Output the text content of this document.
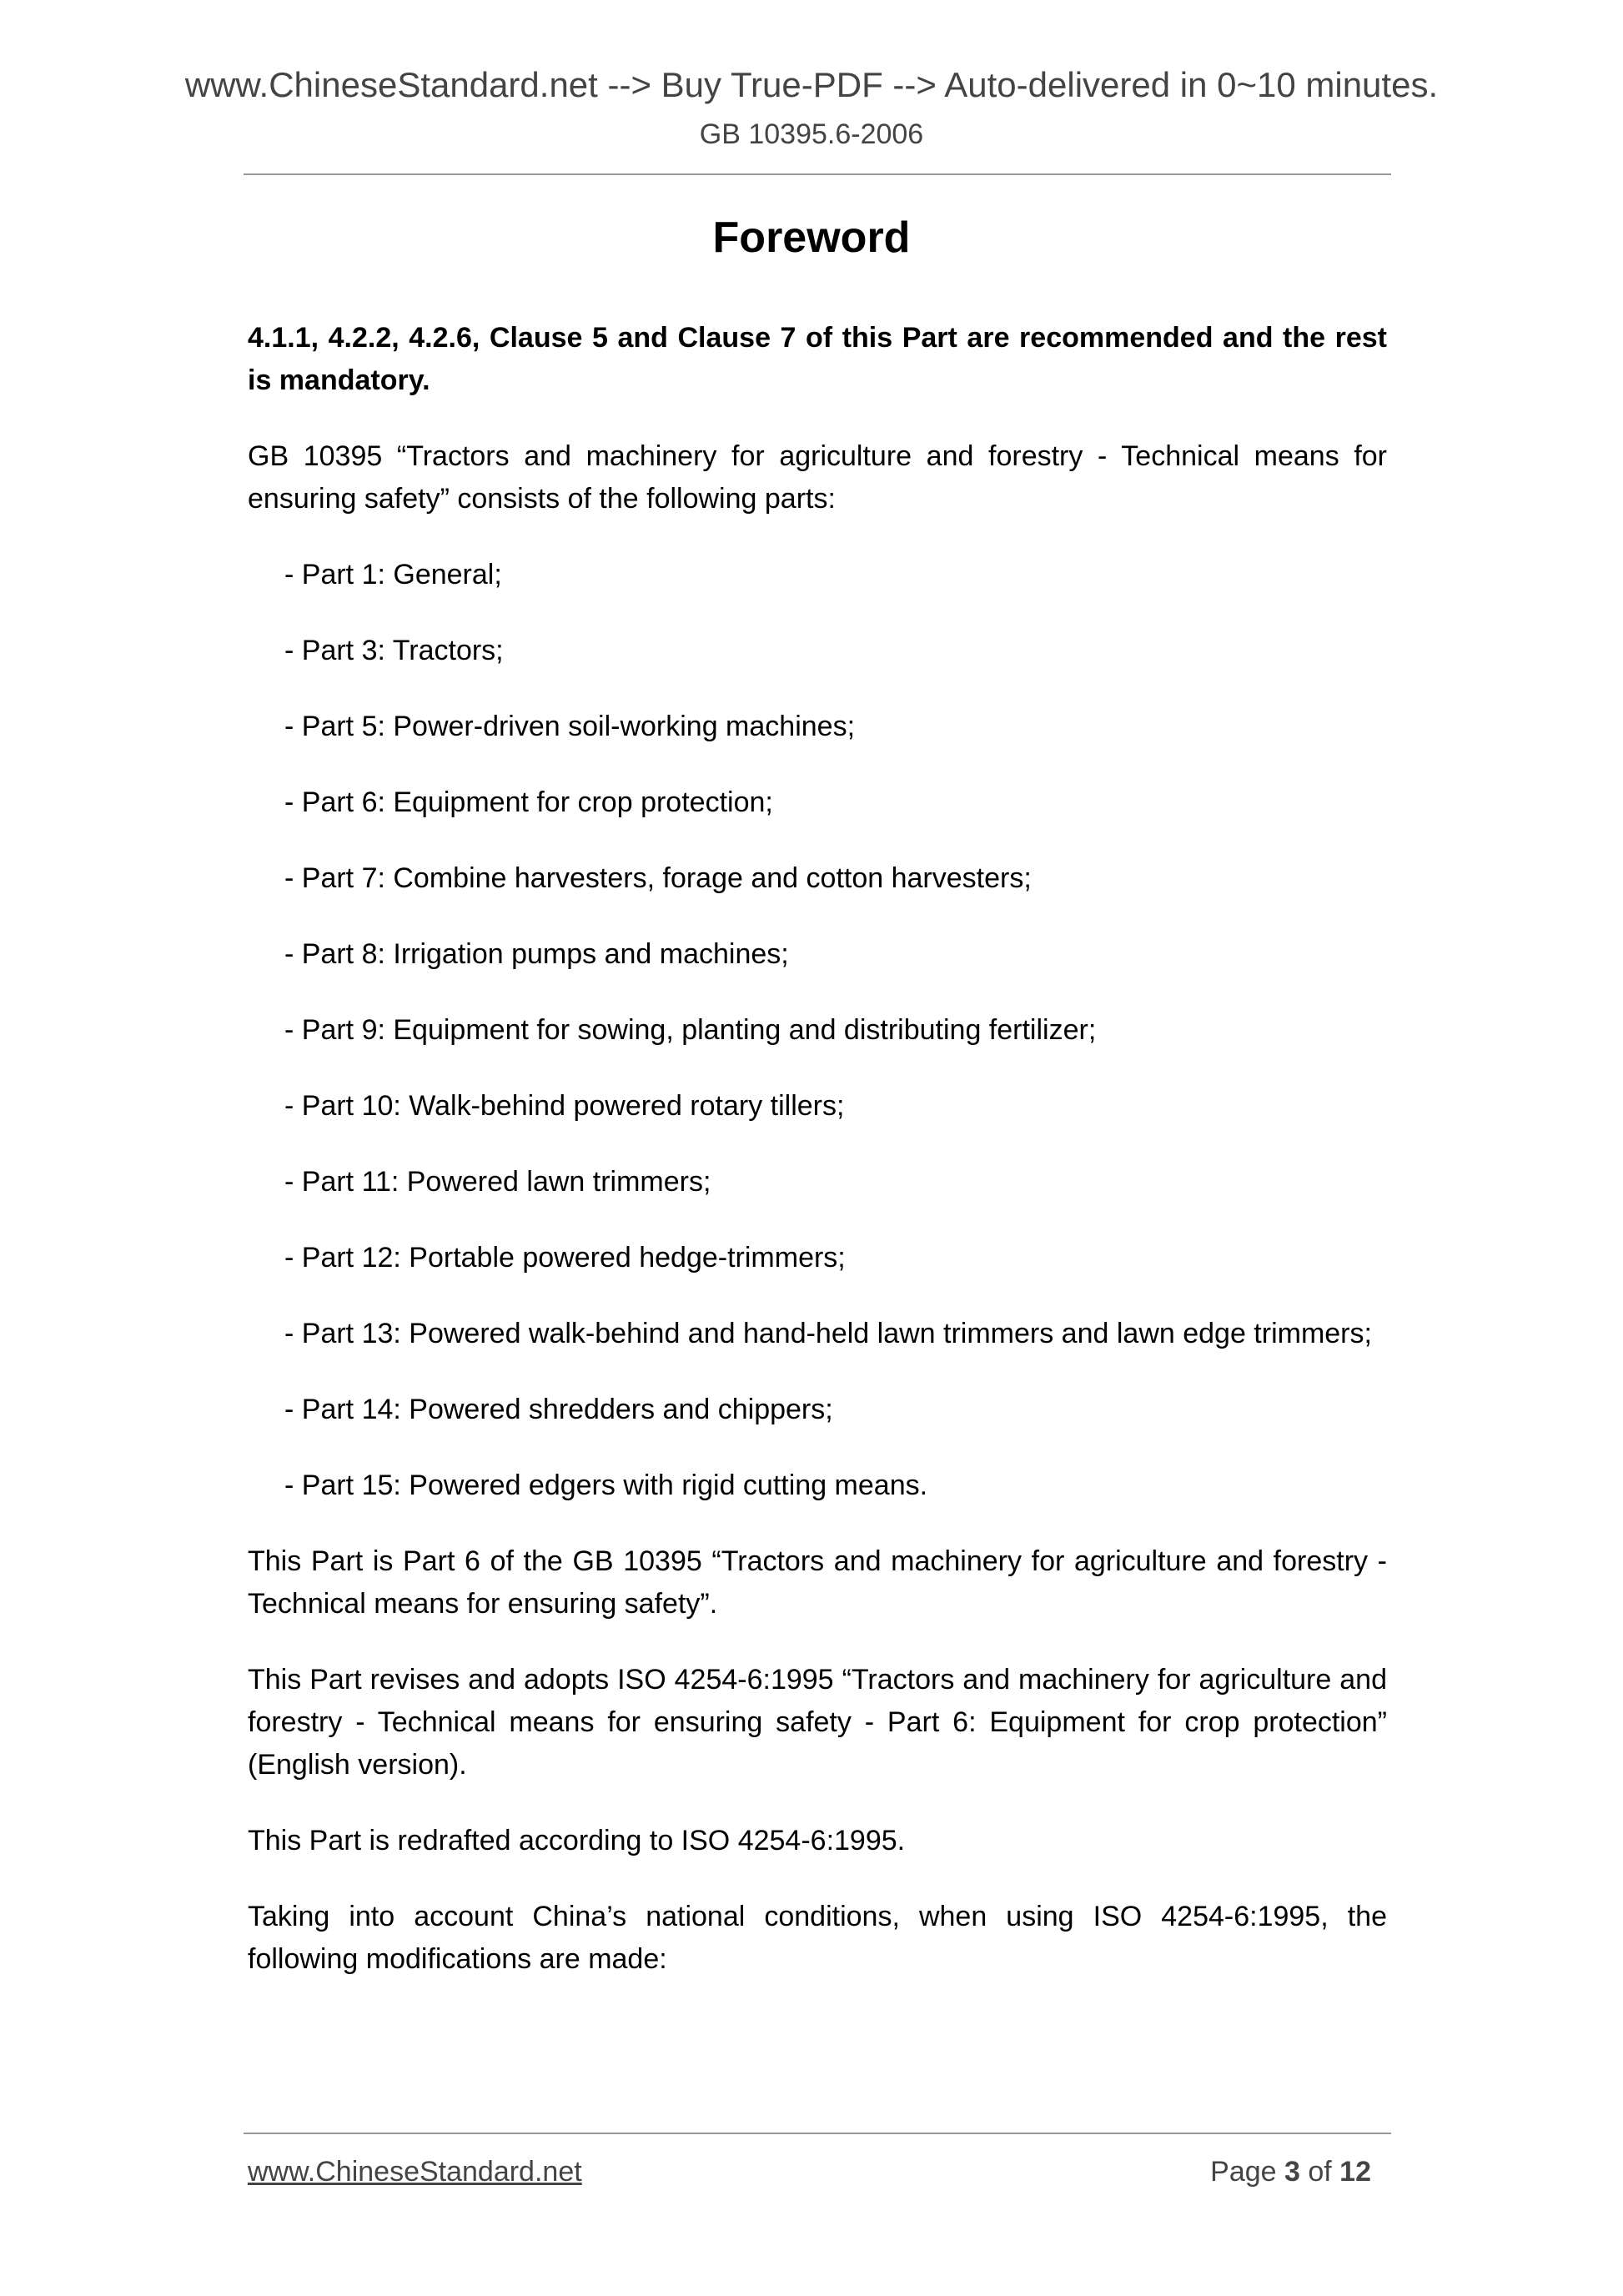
www.ChineseStandard.net --> Buy True-PDF --> Auto-delivered in 0~10 minutes.
GB 10395.6-2006
Foreword

4.1.1, 4.2.2, 4.2.6, Clause 5 and Clause 7 of this Part are recommended and the rest is mandatory.

GB 10395 “Tractors and machinery for agriculture and forestry - Technical means for ensuring safety” consists of the following parts:

- Part 1: General;

- Part 3: Tractors;

- Part 5: Power-driven soil-working machines;

- Part 6: Equipment for crop protection;

- Part 7: Combine harvesters, forage and cotton harvesters;

- Part 8: Irrigation pumps and machines;

- Part 9: Equipment for sowing, planting and distributing fertilizer;

- Part 10: Walk-behind powered rotary tillers;

- Part 11: Powered lawn trimmers;

- Part 12: Portable powered hedge-trimmers;

- Part 13: Powered walk-behind and hand-held lawn trimmers and lawn edge trimmers;

- Part 14: Powered shredders and chippers;

- Part 15: Powered edgers with rigid cutting means.

This Part is Part 6 of the GB 10395 “Tractors and machinery for agriculture and forestry - Technical means for ensuring safety”.

This Part revises and adopts ISO 4254-6:1995 “Tractors and machinery for agriculture and forestry - Technical means for ensuring safety - Part 6: Equipment for crop protection” (English version).

This Part is redrafted according to ISO 4254-6:1995.

Taking into account China’s national conditions, when using ISO 4254-6:1995, the following modifications are made:

www.ChineseStandard.net	Page 3 of 12
